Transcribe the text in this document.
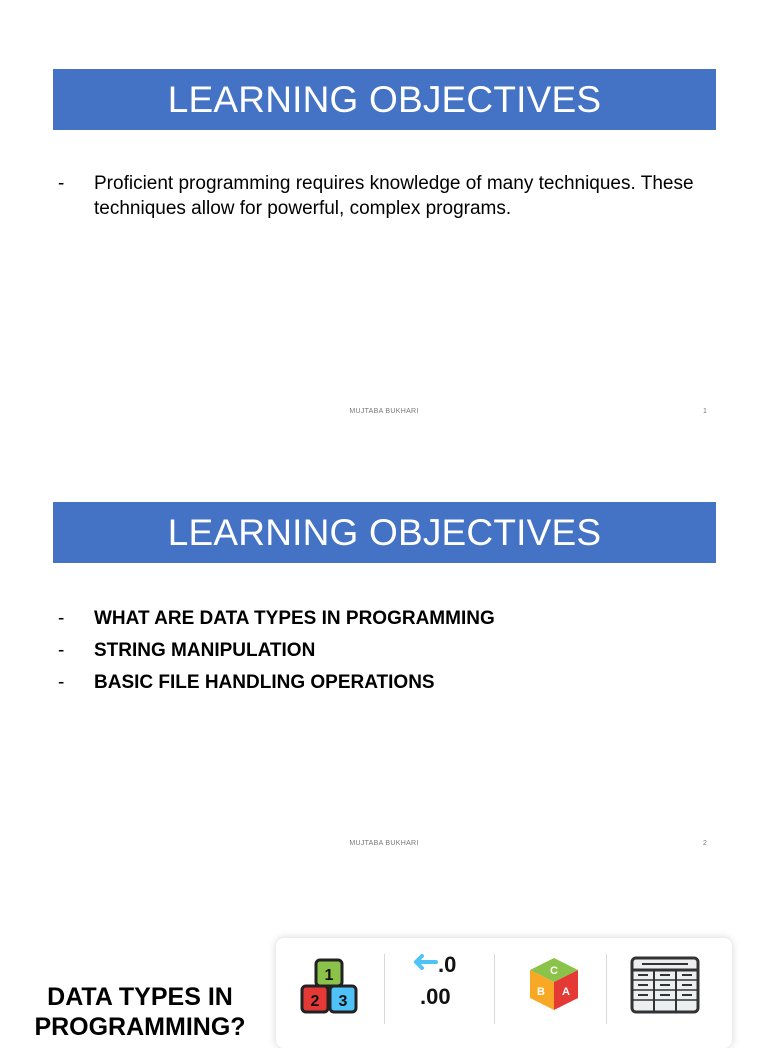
LEARNING OBJECTIVES
-	Proficient programming requires knowledge of many techniques. These techniques allow for powerful, complex programs.
MUJTABA BUKHARI	1
LEARNING OBJECTIVES
-	WHAT ARE DATA TYPES IN PROGRAMMING
-	STRING MANIPULATION
-	BASIC FILE HANDLING OPERATIONS
MUJTABA BUKHARI	2
DATA TYPES IN PROGRAMMING?
1
2 3
.0
.00
C
B A
